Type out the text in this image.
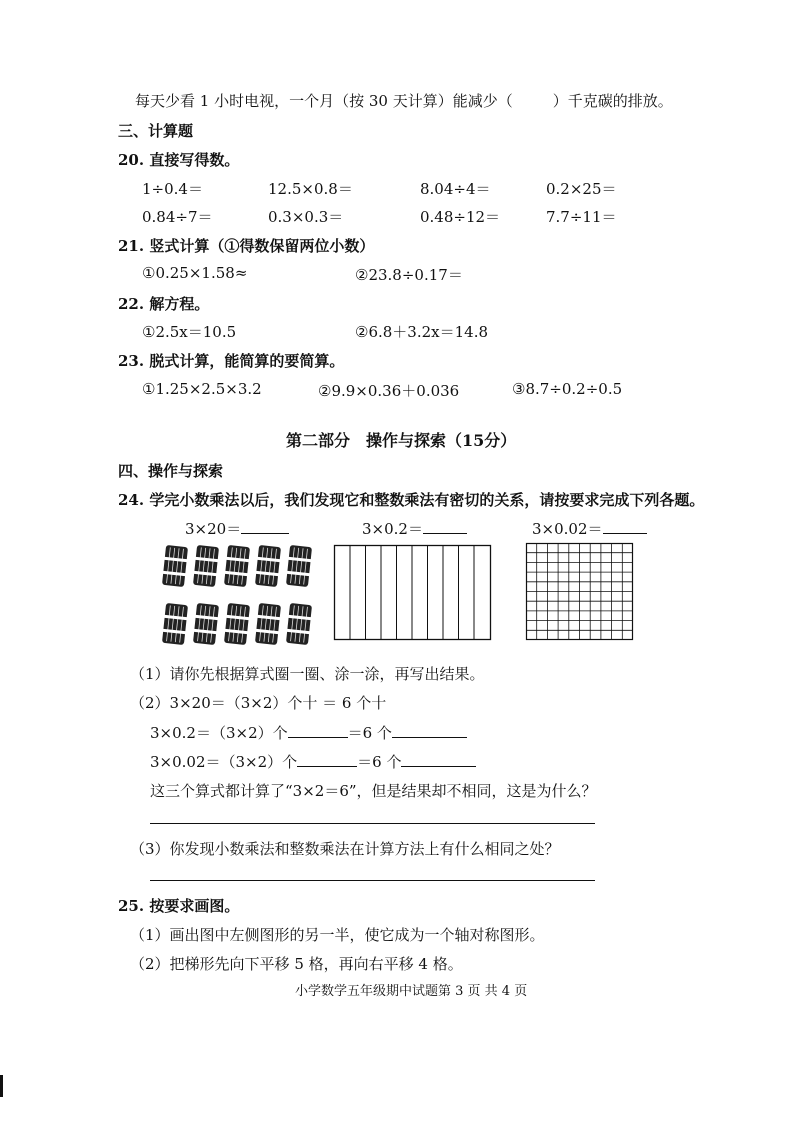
每天少看 1 小时电视，一个月（按 30 天计算）能减少（	）千克碳的排放。
三、计算题
20. 直接写得数。
1÷0.4＝	12.5×0.8＝	8.04÷4＝	0.2×25＝
0.84÷7＝	0.3×0.3＝	0.48÷12＝	7.7÷11＝
21. 竖式计算（①得数保留两位小数）
①0.25×1.58≈	②23.8÷0.17＝
22. 解方程。
①2.5x＝10.5	②6.8＋3.2x＝14.8
23. 脱式计算，能简算的要简算。
①1.25×2.5×3.2	②9.9×0.36＋0.036	③8.7÷0.2÷0.5
第二部分　操作与探索（15分）
四、操作与探索
24. 学完小数乘法以后，我们发现它和整数乘法有密切的关系，请按要求完成下列各题。
3×20＝	3×0.2＝	3×0.02＝
（1）请你先根据算式圈一圈、涂一涂，再写出结果。
（2）3×20＝（3×2）个十 ＝ 6 个十
3×0.2＝（3×2）个	＝6 个
3×0.02＝（3×2）个	＝6 个
这三个算式都计算了“3×2＝6”，但是结果却不相同，这是为什么？
（3）你发现小数乘法和整数乘法在计算方法上有什么相同之处？
25. 按要求画图。
（1）画出图中左侧图形的另一半，使它成为一个轴对称图形。
（2）把梯形先向下平移 5 格，再向右平移 4 格。
小学数学五年级期中试题第 3 页 共 4 页
